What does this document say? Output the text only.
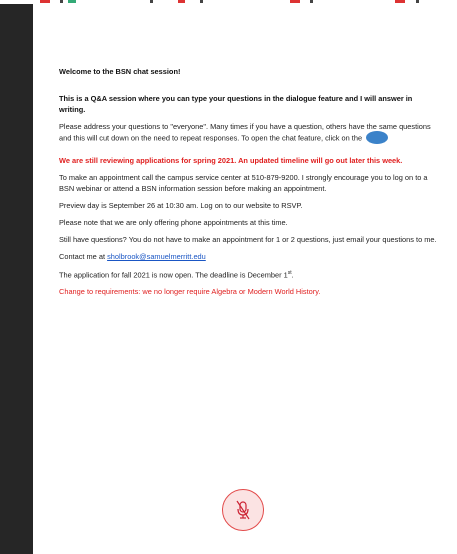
Welcome to the BSN chat session!

This is a Q&A session where you can type your questions in the dialogue feature and I will answer in writing.

Please address your questions to "everyone". Many times if you have a question, others have the same questions and this will cut down on the need to repeat responses. To open the chat feature, click on the

We are still reviewing applications for spring 2021. An updated timeline will go out later this week.

To make an appointment call the campus service center at 510-879-9200. I strongly encourage you to log on to a BSN webinar or attend a BSN information session before making an appointment.

Preview day is September 26 at 10:30 am. Log on to our website to RSVP.

Please note that we are only offering phone appointments at this time.

Still have questions? You do not have to make an appointment for 1 or 2 questions, just email your questions to me.

Contact me at sholbrook@samuelmerritt.edu

The application for fall 2021 is now open. The deadline is December 1st.

Change to requirements: we no longer require Algebra or Modern World History.
